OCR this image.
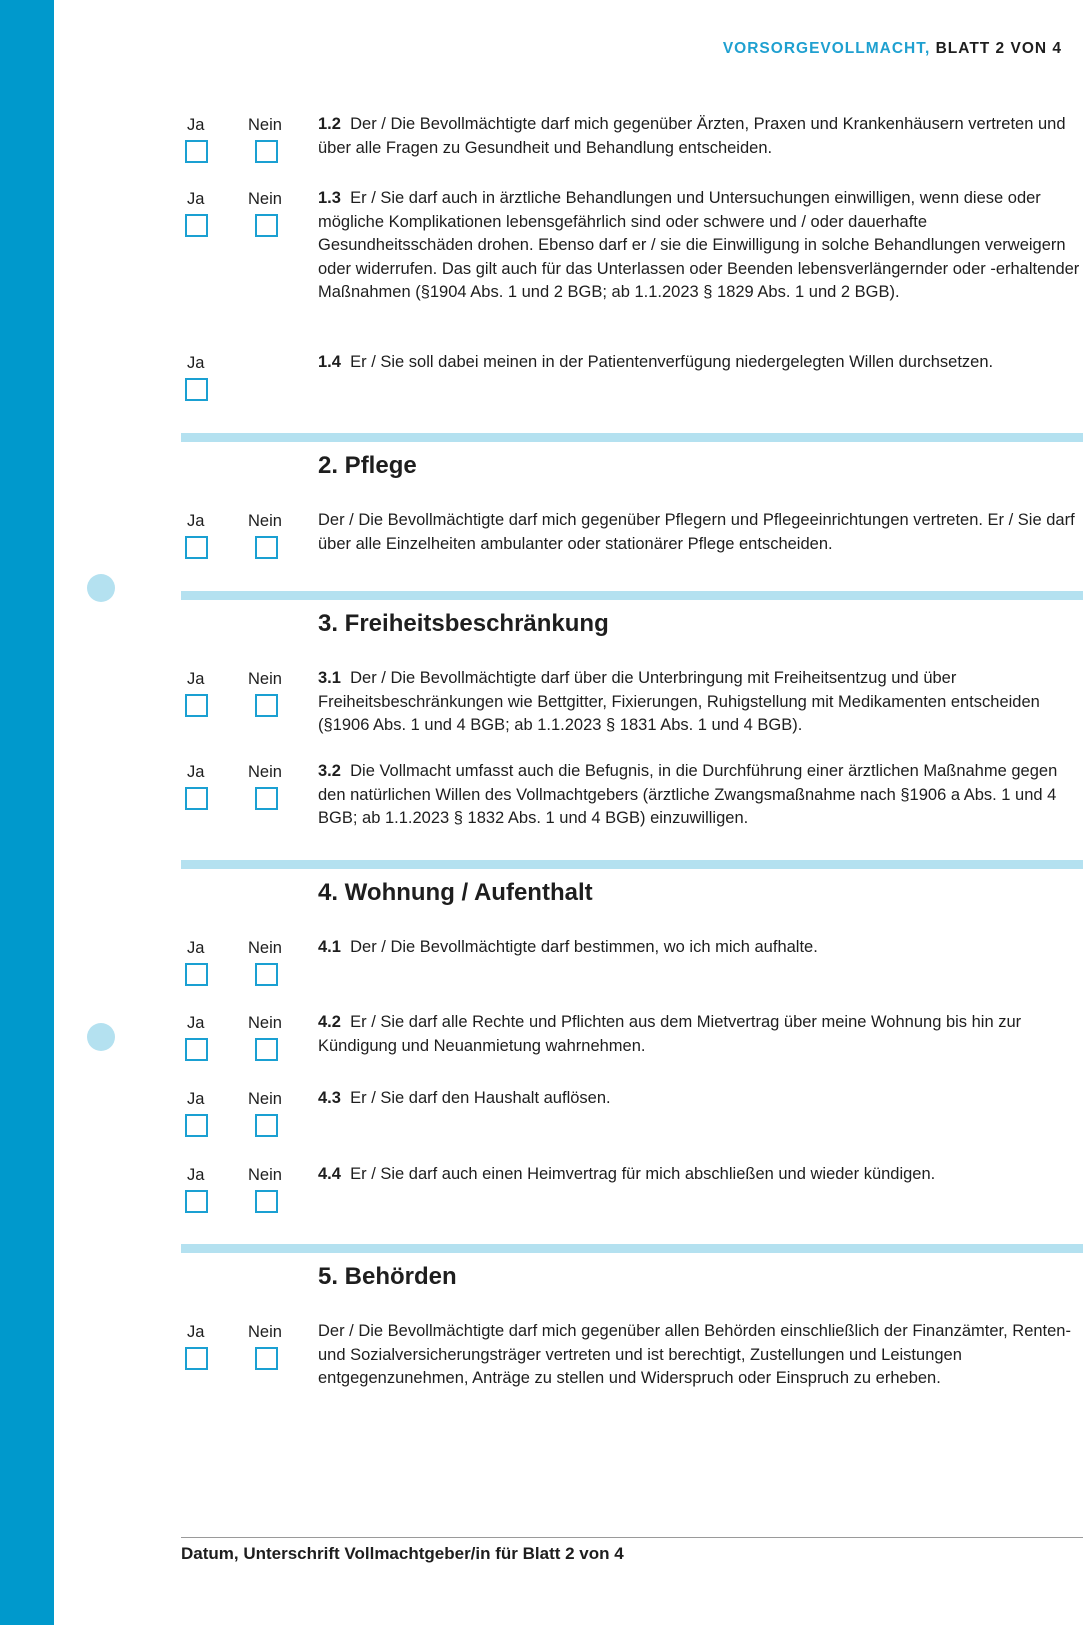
VORSORGEVOLLMACHT, BLATT 2 VON 4
Ja	Nein 1.2 Der / Die Bevollmächtigte darf mich gegenüber Ärzten, Praxen und Krankenhäusern vertreten und über alle Fragen zu Gesundheit und Behandlung entscheiden.
Ja	Nein 1.3 Er / Sie darf auch in ärztliche Behandlungen und Untersuchungen einwilligen, wenn diese oder mögliche Komplikationen lebensgefährlich sind oder schwere und / oder dauerhafte Gesundheitsschäden drohen. Ebenso darf er / sie die Einwilligung in solche Behandlungen verweigern oder widerrufen. Das gilt auch für das Unterlassen oder Beenden lebensverlängernder oder -erhaltender Maßnahmen (§1904 Abs. 1 und 2 BGB; ab 1.1.2023 § 1829 Abs. 1 und 2 BGB).
Ja	1.4 Er / Sie soll dabei meinen in der Patientenverfügung niedergelegten Willen durchsetzen.
2. Pflege
Ja	Nein Der / Die Bevollmächtigte darf mich gegenüber Pflegern und Pflegeeinrichtungen vertreten. Er / Sie darf über alle Einzelheiten ambulanter oder stationärer Pflege entscheiden.
3. Freiheitsbeschränkung
Ja	Nein 3.1 Der / Die Bevollmächtigte darf über die Unterbringung mit Freiheitsentzug und über Freiheitsbeschränkungen wie Bettgitter, Fixierungen, Ruhigstellung mit Medikamenten entscheiden (§1906 Abs. 1 und 4 BGB; ab 1.1.2023 § 1831 Abs. 1 und 4 BGB).
Ja	Nein 3.2 Die Vollmacht umfasst auch die Befugnis, in die Durchführung einer ärztlichen Maßnahme gegen den natürlichen Willen des Vollmachtgebers (ärztliche Zwangsmaßnahme nach §1906 a Abs. 1 und 4 BGB; ab 1.1.2023 § 1832 Abs. 1 und 4 BGB) einzuwilligen.
4. Wohnung / Aufenthalt
Ja	Nein 4.1 Der / Die Bevollmächtigte darf bestimmen, wo ich mich aufhalte.
Ja	Nein 4.2 Er / Sie darf alle Rechte und Pflichten aus dem Mietvertrag über meine Wohnung bis hin zur Kündigung und Neuanmietung wahrnehmen.
Ja	Nein 4.3 Er / Sie darf den Haushalt auflösen.
Ja	Nein 4.4 Er / Sie darf auch einen Heimvertrag für mich abschließen und wieder kündigen.
5. Behörden
Ja	Nein Der / Die Bevollmächtigte darf mich gegenüber allen Behörden einschließlich der Finanzämter, Renten- und Sozialversicherungsträger vertreten und ist berechtigt, Zustellungen und Leistungen entgegenzunehmen, Anträge zu stellen und Widerspruch oder Einspruch zu erheben.
Datum, Unterschrift Vollmachtgeber/in für Blatt 2 von 4
